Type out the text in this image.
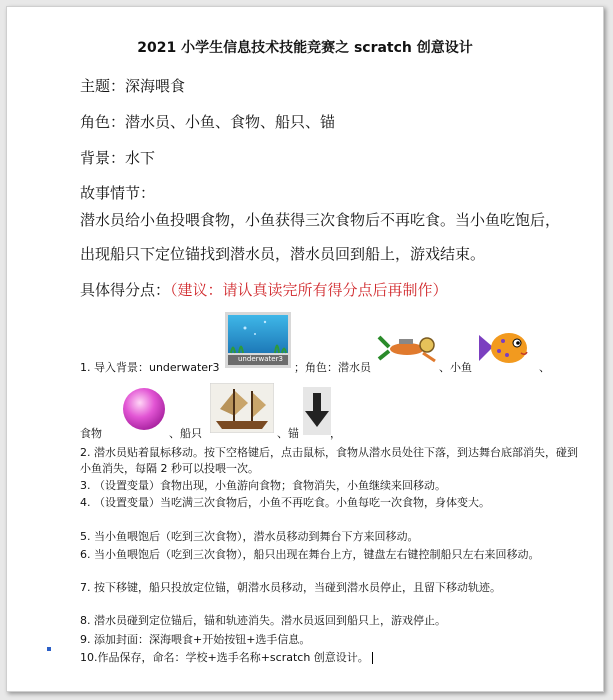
2021 小学生信息技术技能竞赛之 scratch 创意设计
主题：深海喂食
角色：潜水员、小鱼、食物、船只、锚
背景：水下
故事情节：
潜水员给小鱼投喂食物，小鱼获得三次食物后不再吃食。当小鱼吃饱后，出现船只下定位锚找到潜水员，潜水员回到船上，游戏结束。
具体得分点：（建议：请认真读完所有得分点后再制作）
1. 导入背景：underwater3
underwater3
；角色：潜水员	、小鱼	、
食物	、船只	、锚	，
2. 潜水员贴着鼠标移动。按下空格键后，点击鼠标，食物从潜水员处往下落，到达舞台底部消失，碰到小鱼消失，每隔 2 秒可以投喂一次。
3. （设置变量）食物出现，小鱼游向食物；食物消失，小鱼继续来回移动。
4. （设置变量）当吃满三次食物后，小鱼不再吃食。小鱼每吃一次食物，身体变大。
5. 当小鱼喂饱后（吃到三次食物），潜水员移动到舞台下方来回移动。
6. 当小鱼喂饱后（吃到三次食物），船只出现在舞台上方，键盘左右键控制船只左右来回移动。
7. 按下移键，船只投放定位锚，朝潜水员移动，当碰到潜水员停止，且留下移动轨迹。
8. 潜水员碰到定位锚后，锚和轨迹消失。潜水员返回到船只上，游戏停止。
9. 添加封面：深海喂食+开始按钮+选手信息。
10.作品保存，命名：学校+选手名称+scratch 创意设计。
